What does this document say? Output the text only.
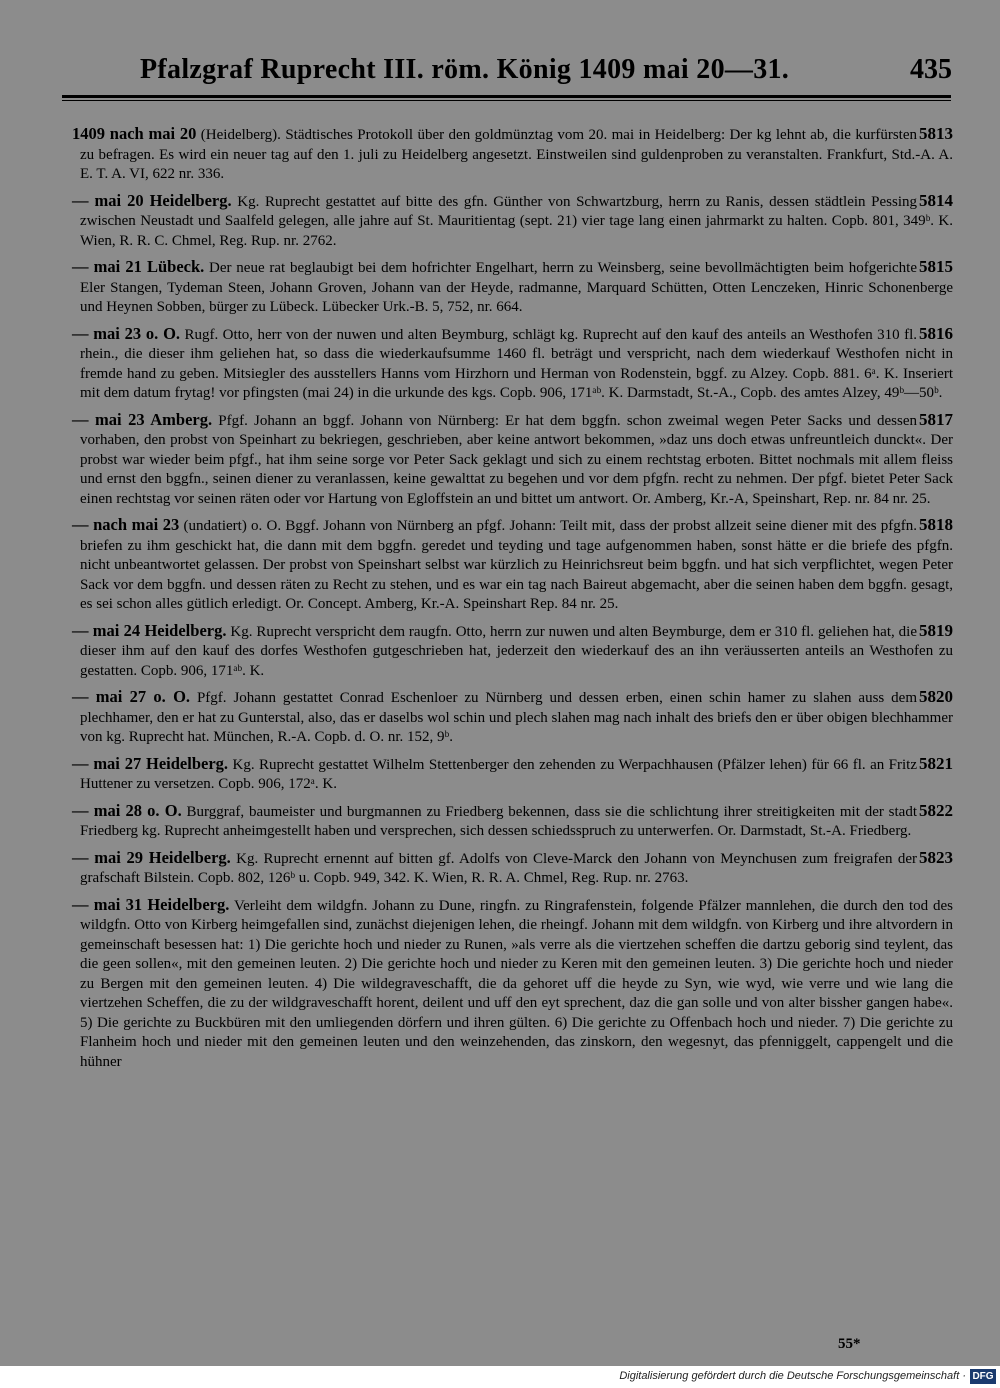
Pfalzgraf Ruprecht III. röm. König 1409 mai 20—31.	435

5813
1409 nach mai 20 (Heidelberg). Städtisches Protokoll über den goldmünztag vom 20. mai in Heidelberg: Der kg lehnt ab, die kurfürsten zu befragen. Es wird ein neuer tag auf den 1. juli zu Heidelberg angesetzt. Einstweilen sind guldenproben zu veranstalten. Frankfurt, Std.-A. A. E. T. A. VI, 622 nr. 336.

5814
— mai 20 Heidelberg. Kg. Ruprecht gestattet auf bitte des gfn. Günther von Schwartzburg, herrn zu Ranis, dessen städtlein Pessing zwischen Neustadt und Saalfeld gelegen, alle jahre auf St. Mauritientag (sept. 21) vier tage lang einen jahrmarkt zu halten. Copb. 801, 349ᵇ. K. Wien, R. R. C. Chmel, Reg. Rup. nr. 2762.

5815
— mai 21 Lübeck. Der neue rat beglaubigt bei dem hofrichter Engelhart, herrn zu Weinsberg, seine bevollmächtigten beim hofgerichte Eler Stangen, Tydeman Steen, Johann Groven, Johann van der Heyde, radmanne, Marquard Schütten, Otten Lenczeken, Hinric Schonenberge und Heynen Sobben, bürger zu Lübeck. Lübecker Urk.-B. 5, 752, nr. 664.

5816
— mai 23 o. O. Rugf. Otto, herr von der nuwen und alten Beymburg, schlägt kg. Ruprecht auf den kauf des anteils an Westhofen 310 fl. rhein., die dieser ihm geliehen hat, so dass die wiederkaufsumme 1460 fl. beträgt und verspricht, nach dem wiederkauf Westhofen nicht in fremde hand zu geben. Mitsiegler des ausstellers Hanns vom Hirzhorn und Herman von Rodenstein, bggf. zu Alzey. Copb. 881. 6ᵃ. K. Inseriert mit dem datum frytag! vor pfingsten (mai 24) in die urkunde des kgs. Copb. 906, 171ᵃᵇ. K. Darmstadt, St.-A., Copb. des amtes Alzey, 49ᵇ—50ᵇ.

5817
— mai 23 Amberg. Pfgf. Johann an bggf. Johann von Nürnberg: Er hat dem bggfn. schon zweimal wegen Peter Sacks und dessen vorhaben, den probst von Speinhart zu bekriegen, geschrieben, aber keine antwort bekommen, »daz uns doch etwas unfreuntleich dunckt«. Der probst war wieder beim pfgf., hat ihm seine sorge vor Peter Sack geklagt und sich zu einem rechtstag erboten. Bittet nochmals mit allem fleiss und ernst den bggfn., seinen diener zu veranlassen, keine gewalttat zu begehen und vor dem pfgfn. recht zu nehmen. Der pfgf. bietet Peter Sack einen rechtstag vor seinen räten oder vor Hartung von Egloffstein an und bittet um antwort. Or. Amberg, Kr.-A, Speinshart, Rep. nr. 84 nr. 25.

5818
— nach mai 23 (undatiert) o. O. Bggf. Johann von Nürnberg an pfgf. Johann: Teilt mit, dass der probst allzeit seine diener mit des pfgfn. briefen zu ihm geschickt hat, die dann mit dem bggfn. geredet und teyding und tage aufgenommen haben, sonst hätte er die briefe des pfgfn. nicht unbeantwortet gelassen. Der probst von Speinshart selbst war kürzlich zu Heinrichsreut beim bggfn. und hat sich verpflichtet, wegen Peter Sack vor dem bggfn. und dessen räten zu Recht zu stehen, und es war ein tag nach Baireut abgemacht, aber die seinen haben dem bggfn. gesagt, es sei schon alles gütlich erledigt. Or. Concept. Amberg, Kr.-A. Speinshart Rep. 84 nr. 25.

5819
— mai 24 Heidelberg. Kg. Ruprecht verspricht dem raugfn. Otto, herrn zur nuwen und alten Beymburge, dem er 310 fl. geliehen hat, die dieser ihm auf den kauf des dorfes Westhofen gutgeschrieben hat, jederzeit den wiederkauf des an ihn veräusserten anteils an Westhofen zu gestatten. Copb. 906, 171ᵃᵇ. K.

5820
— mai 27 o. O. Pfgf. Johann gestattet Conrad Eschenloer zu Nürnberg und dessen erben, einen schin hamer zu slahen auss dem plechhamer, den er hat zu Gunterstal, also, das er daselbs wol schin und plech slahen mag nach inhalt des briefs den er über obigen blechhammer von kg. Ruprecht hat. München, R.-A. Copb. d. O. nr. 152, 9ᵇ.

5821
— mai 27 Heidelberg. Kg. Ruprecht gestattet Wilhelm Stettenberger den zehenden zu Werpachhausen (Pfälzer lehen) für 66 fl. an Fritz Huttener zu versetzen. Copb. 906, 172ᵃ. K.

5822
— mai 28 o. O. Burggraf, baumeister und burgmannen zu Friedberg bekennen, dass sie die schlichtung ihrer streitigkeiten mit der stadt Friedberg kg. Ruprecht anheimgestellt haben und versprechen, sich dessen schiedsspruch zu unterwerfen. Or. Darmstadt, St.-A. Friedberg.

5823
— mai 29 Heidelberg. Kg. Ruprecht ernennt auf bitten gf. Adolfs von Cleve-Marck den Johann von Meynchusen zum freigrafen der grafschaft Bilstein. Copb. 802, 126ᵇ u. Copb. 949, 342. K. Wien, R. R. A. Chmel, Reg. Rup. nr. 2763.

— mai 31 Heidelberg. Verleiht dem wildgfn. Johann zu Dune, ringfn. zu Ringrafenstein, folgende Pfälzer mannlehen, die durch den tod des wildgfn. Otto von Kirberg heimgefallen sind, zunächst diejenigen lehen, die rheingf. Johann mit dem wildgfn. von Kirberg und ihre altvordern in gemeinschaft besessen hat: 1) Die gerichte hoch und nieder zu Runen, »als verre als die viertzehen scheffen die dartzu geborig sind teylent, das die geen sollen«, mit den gemeinen leuten. 2) Die gerichte hoch und nieder zu Keren mit den gemeinen leuten. 3) Die gerichte hoch und nieder zu Bergen mit den gemeinen leuten. 4) Die wildegraveschafft, die da gehoret uff die heyde zu Syn, wie wyd, wie verre und wie lang die viertzehen Scheffen, die zu der wildgraveschafft horent, deilent und uff den eyt sprechent, daz die gan solle und von alter bissher gangen habe«. 5) Die gerichte zu Buckbüren mit den umliegenden dörfern und ihren gülten. 6) Die gerichte zu Offenbach hoch und nieder. 7) Die gerichte zu Flanheim hoch und nieder mit den gemeinen leuten und den weinzehenden, das zinskorn, den wegesnyt, das pfenniggelt, cappengelt und die hühner

55*
Digitalisierung gefördert durch die Deutsche Forschungsgemeinschaft · DFG
